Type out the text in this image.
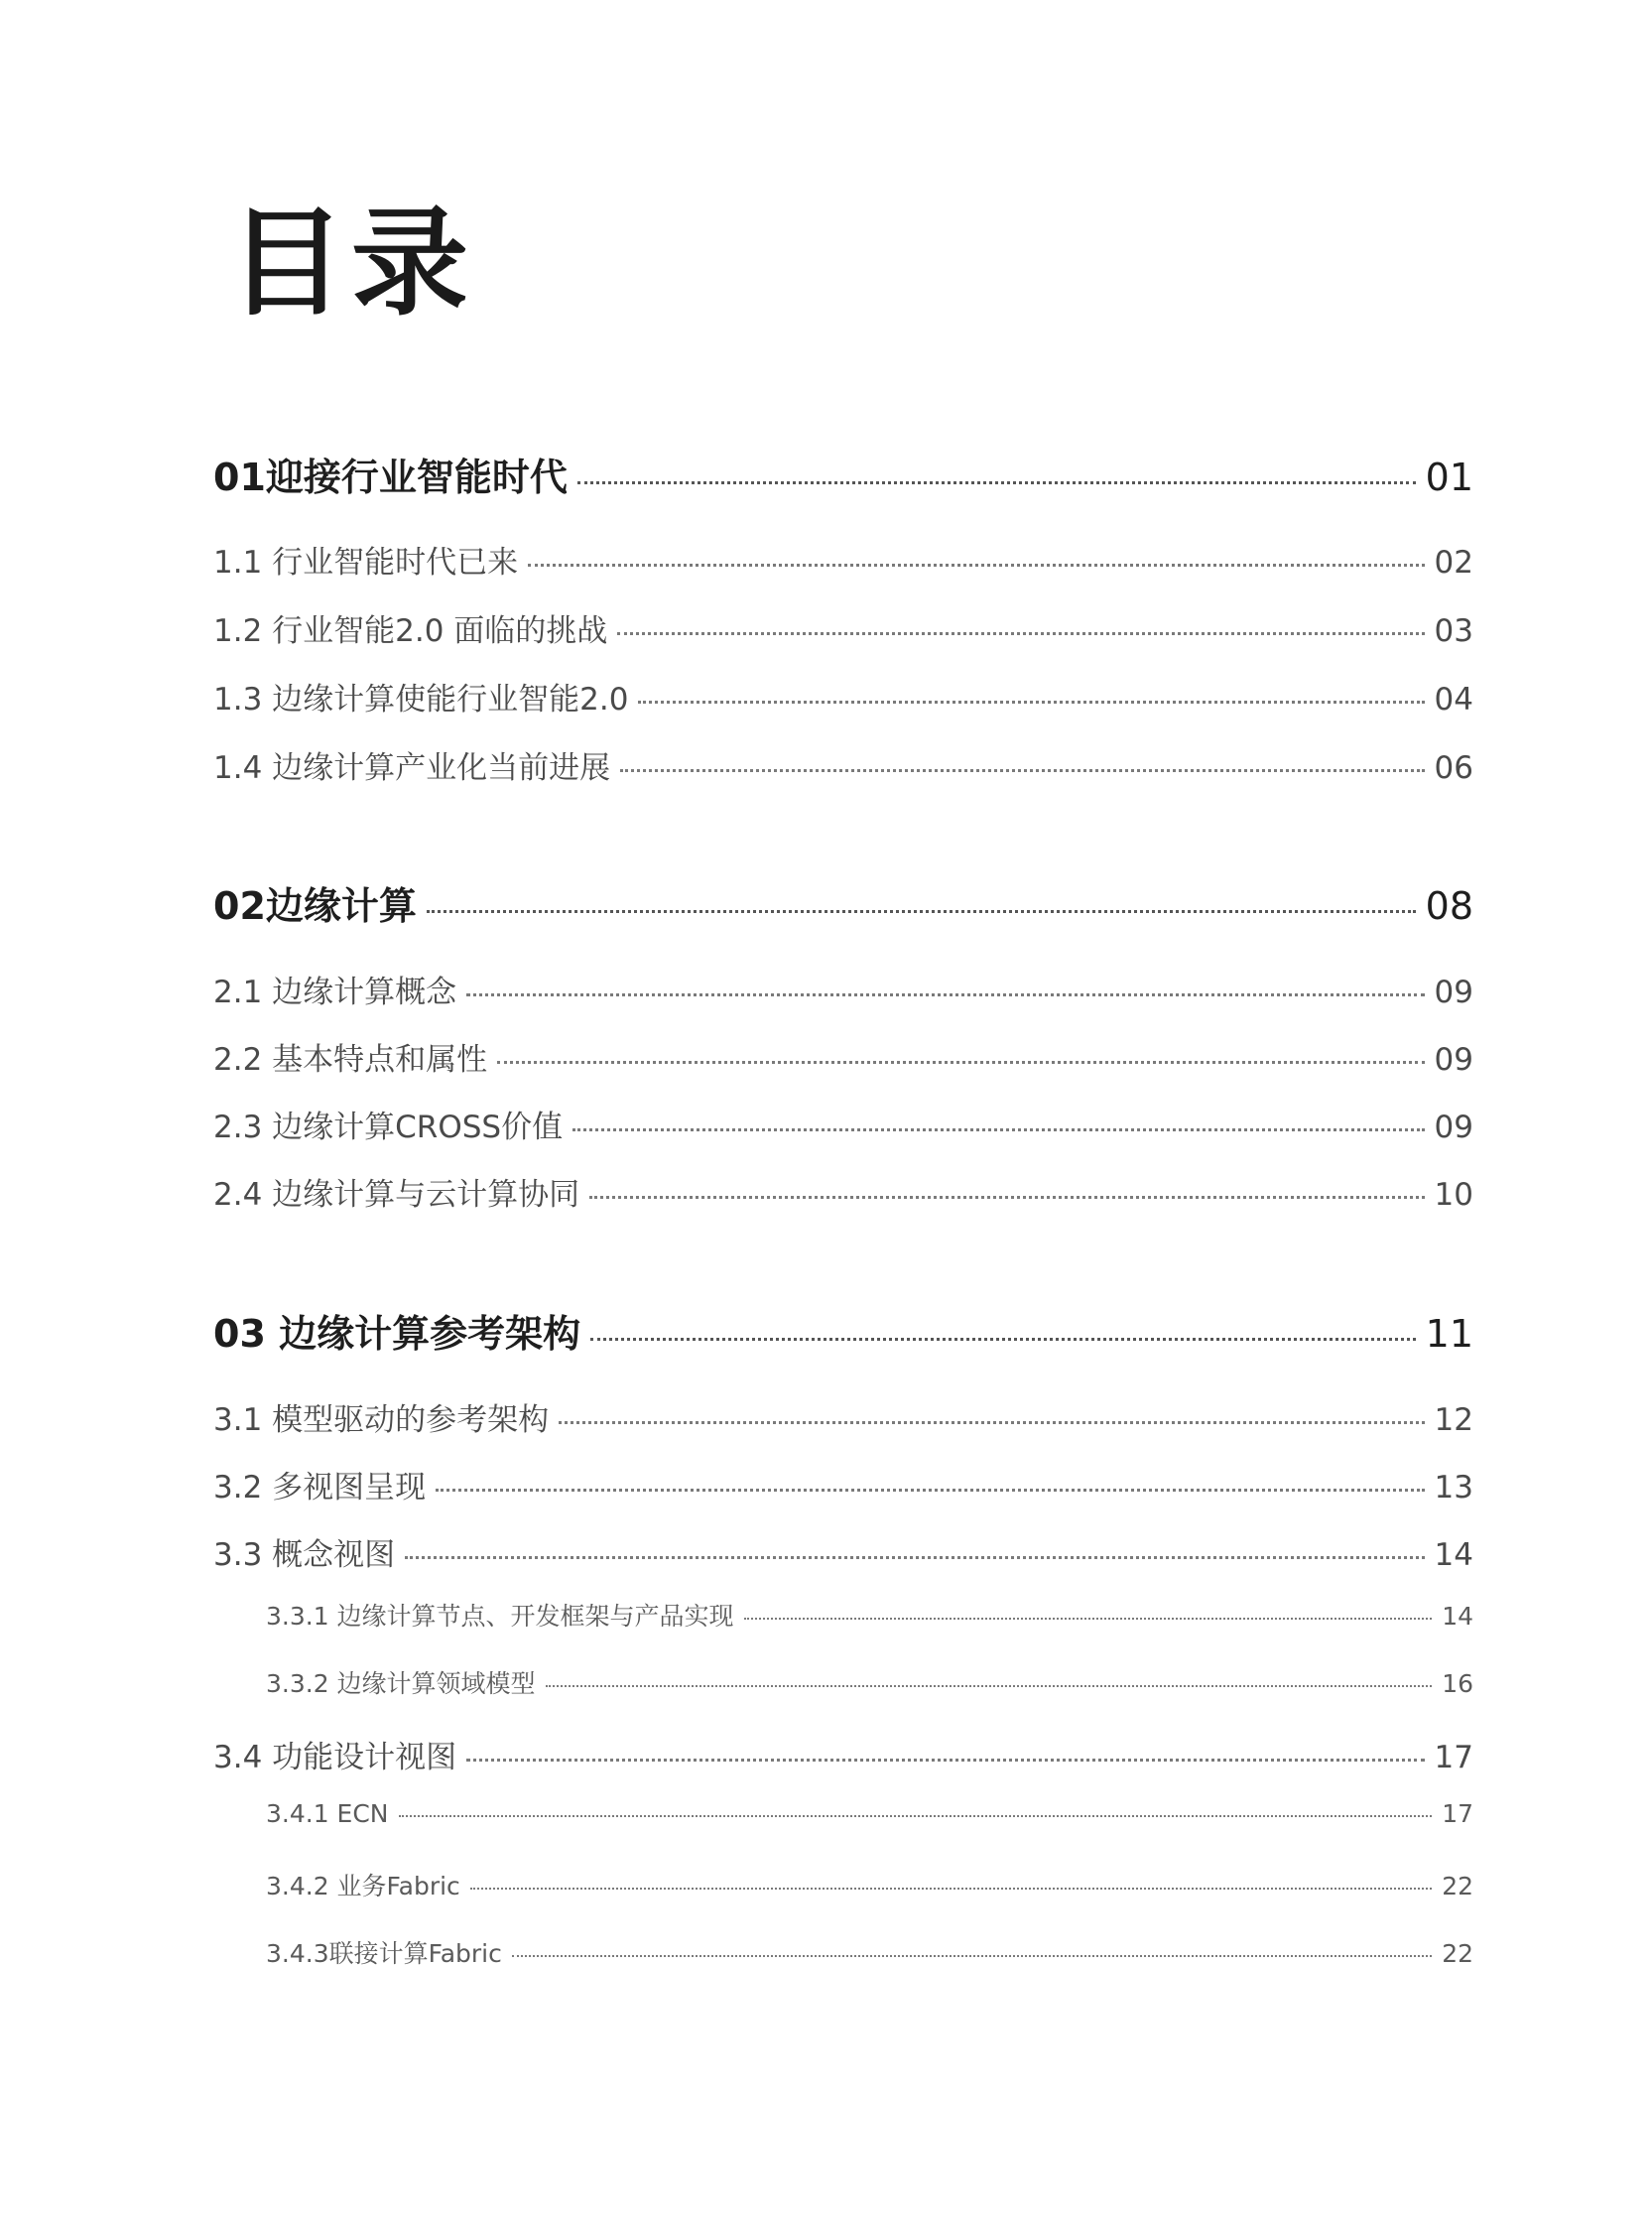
目录
01迎接行业智能时代	01
1.1 行业智能时代已来	02
1.2 行业智能2.0 面临的挑战	03
1.3 边缘计算使能行业智能2.0	04
1.4 边缘计算产业化当前进展	06
02边缘计算	08
2.1 边缘计算概念	09
2.2 基本特点和属性	09
2.3 边缘计算CROSS价值	09
2.4 边缘计算与云计算协同	10
03 边缘计算参考架构	11
3.1 模型驱动的参考架构	12
3.2 多视图呈现	13
3.3 概念视图	14
3.3.1 边缘计算节点、开发框架与产品实现	14
3.3.2 边缘计算领域模型	16
3.4 功能设计视图	17
3.4.1 ECN	17
3.4.2 业务Fabric	22
3.4.3联接计算Fabric	22
